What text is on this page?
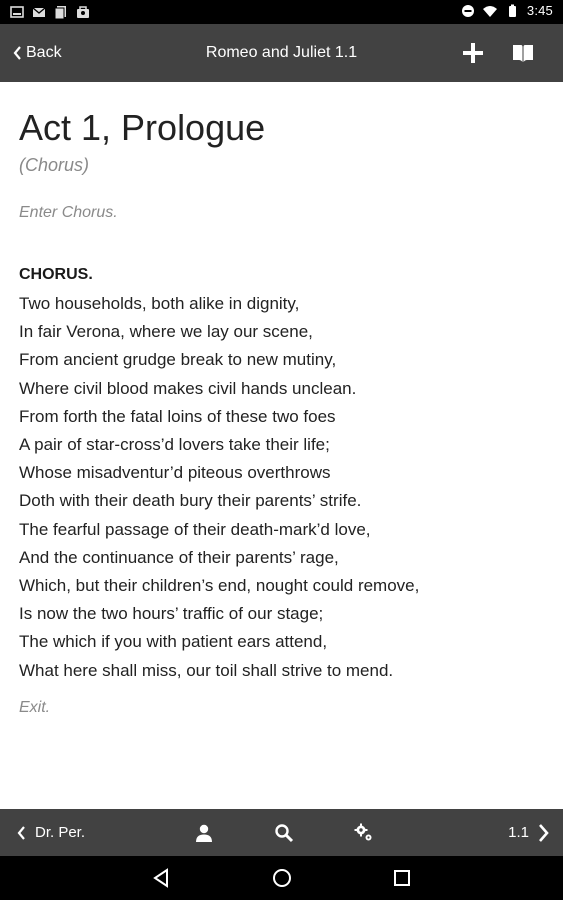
3:45
Romeo and Juliet 1.1
Back
Act 1, Prologue
(Chorus)
Enter Chorus.
CHORUS.
Two households, both alike in dignity,
In fair Verona, where we lay our scene,
From ancient grudge break to new mutiny,
Where civil blood makes civil hands unclean.
From forth the fatal loins of these two foes
A pair of star-cross’d lovers take their life;
Whose misadventur’d piteous overthrows
Doth with their death bury their parents’ strife.
The fearful passage of their death-mark’d love,
And the continuance of their parents’ rage,
Which, but their children’s end, nought could remove,
Is now the two hours’ traffic of our stage;
The which if you with patient ears attend,
What here shall miss, our toil shall strive to mend.
Exit.
Dr. Per.	1.1
